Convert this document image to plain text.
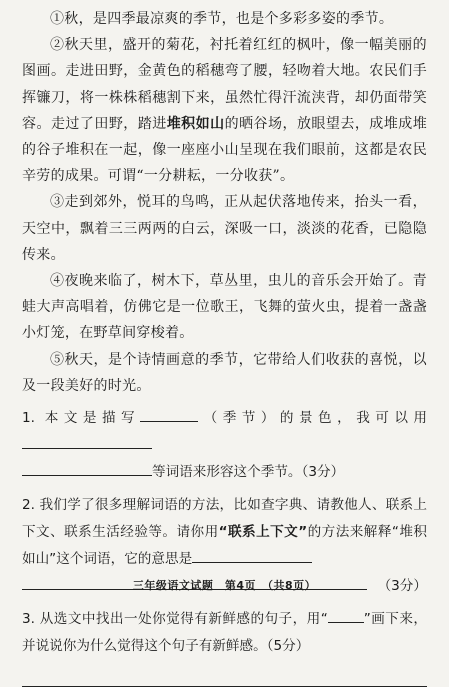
①秋，是四季最凉爽的季节，也是个多彩多姿的季节。

②秋天里，盛开的菊花，衬托着红红的枫叶，像一幅美丽的图画。走进田野，金黄色的稻穗弯了腰，轻吻着大地。农民们手挥镰刀，将一株株稻穗割下来，虽然忙得汗流浃背，却仍面带笑容。走过了田野，踏进堆积如山的晒谷场，放眼望去，成堆成堆的谷子堆积在一起，像一座座小山呈现在我们眼前，这都是农民辛劳的成果。可谓“一分耕耘，一分收获”。

③走到郊外，悦耳的鸟鸣，正从起伏落地传来，抬头一看，天空中，飘着三三两两的白云，深吸一口，淡淡的花香，已隐隐传来。

④夜晚来临了，树木下，草丛里，虫儿的音乐会开始了。青蛙大声高唱着，仿佛它是一位歌王，飞舞的萤火虫，提着一盏盏小灯笼，在野草间穿梭着。

⑤秋天，是个诗情画意的季节，它带给人们收获的喜悦，以及一段美好的时光。

1. 本文是描写	（季节）的景色，我可以用
等词语来形容这个季节。（3分）
2. 我们学了很多理解词语的方法，比如查字典、请教他人、联系上下文、联系生活经验等。请你用“联系上下文”的方法来解释“堆积如山”这个词语，它的意思是

（3分）
3. 从选文中找出一处你觉得有新鲜感的句子，用“	”画下来，并说说你为什么觉得这个句子有新鲜感。（5分）
三年级语文试题　第4页　（共8页）
